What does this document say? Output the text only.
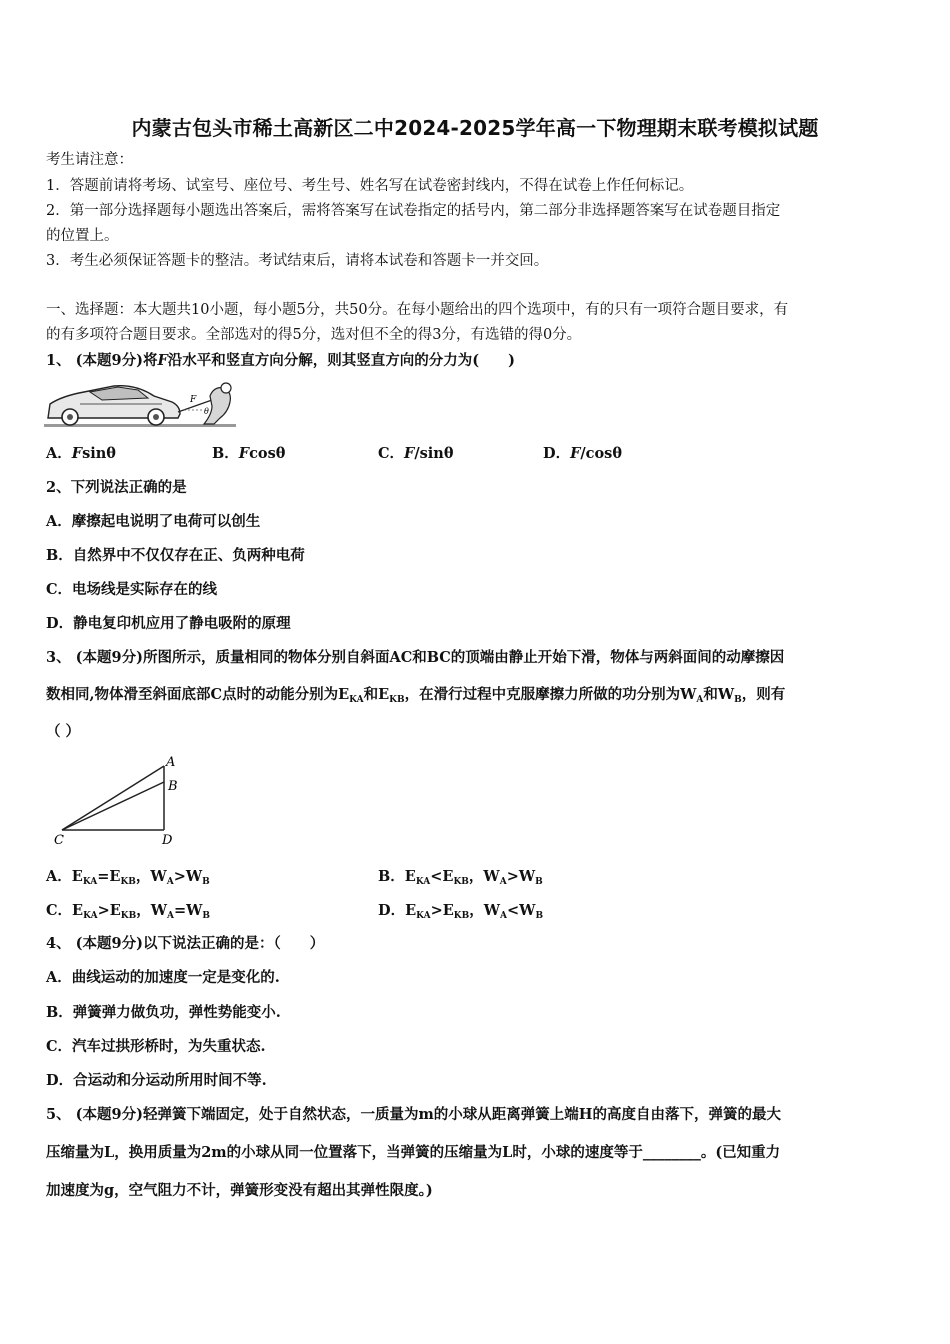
内蒙古包头市稀土高新区二中2024-2025学年高一下物理期末联考模拟试题
考生请注意：
1．答题前请将考场、试室号、座位号、考生号、姓名写在试卷密封线内，不得在试卷上作任何标记。
2．第一部分选择题每小题选出答案后，需将答案写在试卷指定的括号内，第二部分非选择题答案写在试卷题目指定
的位置上。
3．考生必须保证答题卡的整洁。考试结束后，请将本试卷和答题卡一并交回。
一、选择题：本大题共10小题，每小题5分，共50分。在每小题给出的四个选项中，有的只有一项符合题目要求，有
的有多项符合题目要求。全部选对的得5分，选对但不全的得3分，有选错的得0分。
1、 (本题9分)将F沿水平和竖直方向分解，则其竖直方向的分力为(　　)
F
θ
A．Fsinθ	B．Fcosθ	C．F/sinθ	D．F/cosθ
2、下列说法正确的是
A．摩擦起电说明了电荷可以创生
B．自然界中不仅仅存在正、负两种电荷
C．电场线是实际存在的线
D．静电复印机应用了静电吸附的原理
3、 (本题9分)所图所示，质量相同的物体分别自斜面AC和BC的顶端由静止开始下滑，物体与两斜面间的动摩擦因
数相同,物体滑至斜面底部C点时的动能分别为$E_{KA}$和$E_{KB}$，在滑行过程中克服摩擦力所做的功分别为$W_A$和$W_B$，则有
（ ）
A
B
C	D
A．$E_{KA}=E_{KB}$，$W_A>W_B$	B．$E_{KA}<E_{KB}$，$W_A>W_B$
C．$E_{KA}>E_{KB}$，$W_A=W_B$	D．$E_{KA}>E_{KB}$，$W_A<W_B$
4、 (本题9分)以下说法正确的是：（　　）
A．曲线运动的加速度一定是变化的.
B．弹簧弹力做负功，弹性势能变小.
C．汽车过拱形桥时，为失重状态.
D．合运动和分运动所用时间不等.
5、 (本题9分)轻弹簧下端固定，处于自然状态，一质量为m的小球从距离弹簧上端H的高度自由落下，弹簧的最大
压缩量为L，换用质量为2m的小球从同一位置落下，当弹簧的压缩量为L时，小球的速度等于________。(已知重力
加速度为g，空气阻力不计，弹簧形变没有超出其弹性限度。)
